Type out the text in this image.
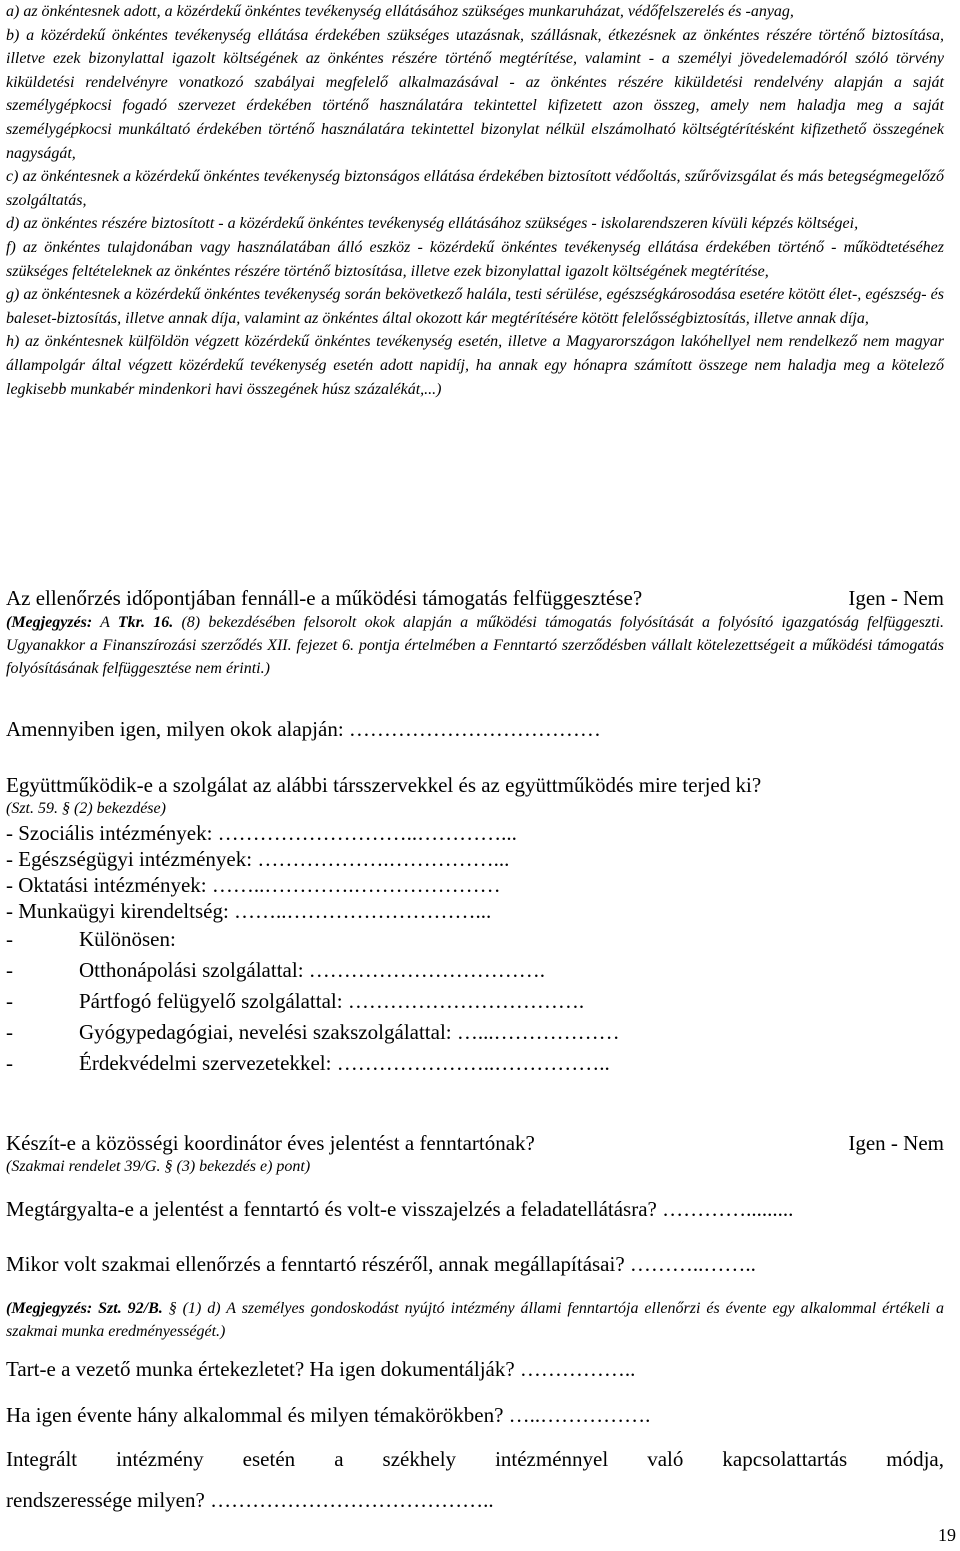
a) az önkéntesnek adott, a közérdekű önkéntes tevékenység ellátásához szükséges munkaruházat, védőfelszerelés és -anyag,
b) a közérdekű önkéntes tevékenység ellátása érdekében szükséges utazásnak, szállásnak, étkezésnek az önkéntes részére történő biztosítása, illetve ezek bizonylattal igazolt költségének az önkéntes részére történő megtérítése, valamint - a személyi jövedelemadóról szóló törvény kiküldetési rendelvényre vonatkozó szabályai megfelelő alkalmazásával - az önkéntes részére kiküldetési rendelvény alapján a saját személygépkocsi fogadó szervezet érdekében történő használatára tekintettel kifizetett azon összeg, amely nem haladja meg a saját személygépkocsi munkáltató érdekében történő használatára tekintettel bizonylat nélkül elszámolható költségtérítésként kifizethető összegének nagyságát,
c) az önkéntesnek a közérdekű önkéntes tevékenység biztonságos ellátása érdekében biztosított védőoltás, szűrővizsgálat és más betegségmegelőző szolgáltatás,
d) az önkéntes részére biztosított - a közérdekű önkéntes tevékenység ellátásához szükséges - iskolarendszeren kívüli képzés költségei,
f) az önkéntes tulajdonában vagy használatában álló eszköz - közérdekű önkéntes tevékenység ellátása érdekében történő - működtetéséhez szükséges feltételeknek az önkéntes részére történő biztosítása, illetve ezek bizonylattal igazolt költségének megtérítése,
g) az önkéntesnek a közérdekű önkéntes tevékenység során bekövetkező halála, testi sérülése, egészségkárosodása esetére kötött élet-, egészség- és baleset-biztosítás, illetve annak díja, valamint az önkéntes által okozott kár megtérítésére kötött felelősségbiztosítás, illetve annak díja,
h) az önkéntesnek külföldön végzett közérdekű önkéntes tevékenység esetén, illetve a Magyarországon lakóhellyel nem rendelkező nem magyar állampolgár által végzett közérdekű tevékenység esetén adott napidíj, ha annak egy hónapra számított összege nem haladja meg a kötelező legkisebb munkabér mindenkori havi összegének húsz százalékát,...)
Az ellenőrzés időpontjában fennáll-e a működési támogatás felfüggesztése?	Igen - Nem
(Megjegyzés: A Tkr. 16. (8) bekezdésében felsorolt okok alapján a működési támogatás folyósítását a folyósító igazgatóság felfüggeszti. Ugyanakkor a Finanszírozási szerződés XII. fejezet 6. pontja értelmében a Fenntartó szerződésben vállalt kötelezettségeit a működési támogatás folyósításának felfüggesztése nem érinti.)
Amennyiben igen, milyen okok alapján: ………………………………
Együttműködik-e a szolgálat az alábbi társszervekkel és az együttműködés mire terjed ki?
(Szt. 59. § (2) bekezdése)
- Szociális intézmények: ………………………..…………...
- Egészségügyi intézmények: ……………….……………...
- Oktatási intézmények: ……..………….…………………
- Munkaügyi kirendeltség: ……..………………………...
-	Különösen:
-	Otthonápolási szolgálattal: …………………………….
-	Pártfogó felügyelő szolgálattal: …………………………….
-	Gyógypedagógiai, nevelési szakszolgálattal: …...………………
-	Érdekvédelmi szervezetekkel: …………………..……………..
Készít-e a közösségi koordinátor éves jelentést a fenntartónak?	Igen - Nem
(Szakmai rendelet 39/G. § (3) bekezdés e) pont)
Megtárgyalta-e a jelentést a fenntartó és volt-e visszajelzés a feladatellátásra? ………….........
Mikor volt szakmai ellenőrzés a fenntartó részéről, annak megállapításai? ………..……..
(Megjegyzés: Szt. 92/B. § (1) d) A személyes gondoskodást nyújtó intézmény állami fenntartója ellenőrzi és évente egy alkalommal értékeli a szakmai munka eredményességét.)
Tart-e a vezető munka értekezletet? Ha igen dokumentálják? ……………..
Ha igen évente hány alkalommal és milyen témakörökben? …..…………….
Integrált intézmény esetén a székhely intézménnyel való kapcsolattartás módja,
rendszeressége milyen? …………………………………..
19
